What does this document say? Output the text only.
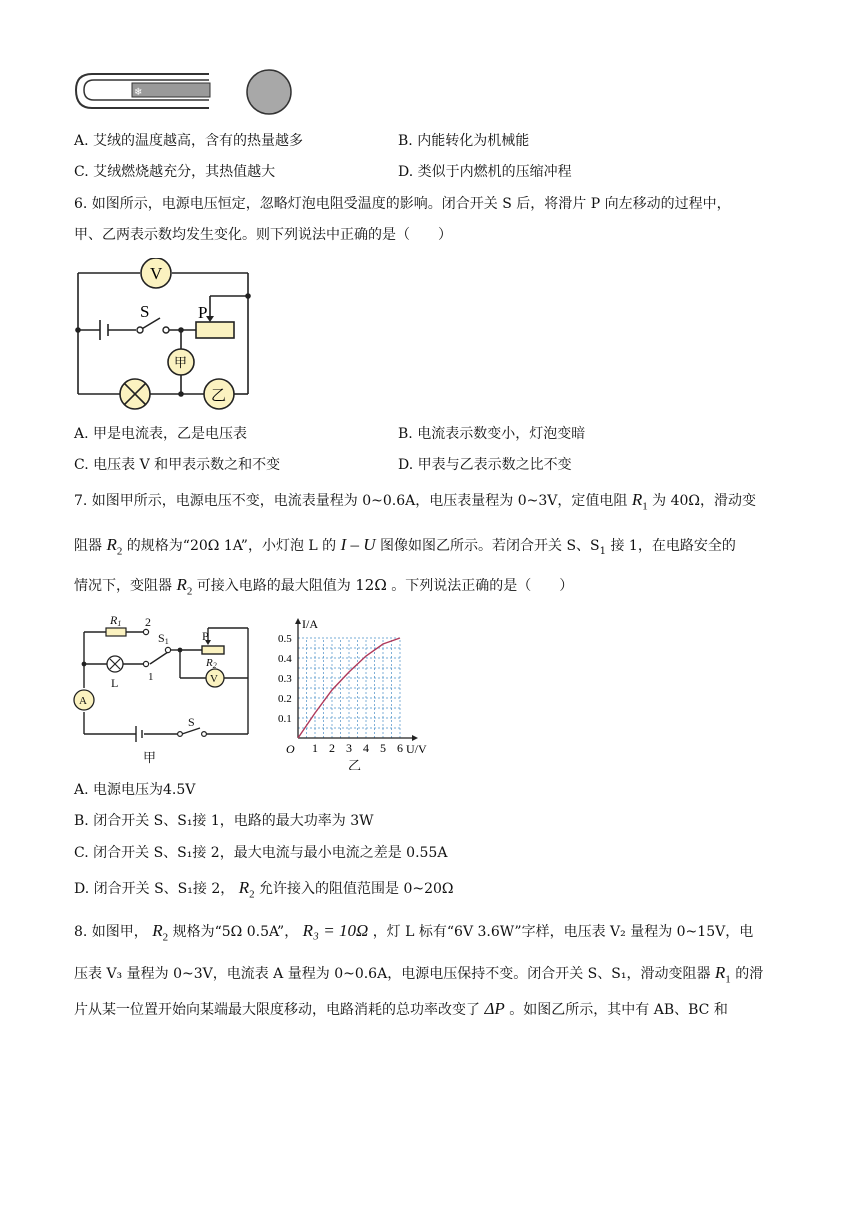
❄
A. 艾绒的温度越高，含有的热量越多	B. 内能转化为机械能
C. 艾绒燃烧越充分，其热值越大	D. 类似于内燃机的压缩冲程
6. 如图所示，电源电压恒定，忽略灯泡电阻受温度的影响。闭合开关 S 后，将滑片 P 向左移动的过程中，
甲、乙两表示数均发生变化。则下列说法中正确的是（　　）
V
S	P
甲
乙
A. 甲是电流表，乙是电压表	B. 电流表示数变小，灯泡变暗
C. 电压表 V 和甲表示数之和不变	D. 甲表与乙表示数之比不变
7. 如图甲所示，电源电压不变，电流表量程为 0~0.6A，电压表量程为 0~3V，定值电阻 $R_1$ 为 40Ω，滑动变
阻器 $R_2$ 的规格为“20Ω 1A”，小灯泡 L 的 I – U 图像如图乙所示。若闭合开关 S、$S_1$ 接 1，在电路安全的
情况下，变阻器 $R_2$ 可接入电路的最大阻值为 12Ω 。下列说法正确的是（　　）
R1 2
S1	P
R2
L	1
A
V
S
甲
1 2 3 4 5 6
0.1
0.2
0.3
0.4
0.5
O
I/A
U/V
乙
A. 电源电压为4.5V
B. 闭合开关 S、S₁接 1，电路的最大功率为 3W
C. 闭合开关 S、S₁接 2，最大电流与最小电流之差是 0.55A
D. 闭合开关 S、S₁接 2， $R_2$ 允许接入的阻值范围是 0~20Ω
8. 如图甲， $R_2$ 规格为“5Ω 0.5A”， R₃ = 10Ω ，灯 L 标有“6V 3.6W”字样，电压表 V₂ 量程为 0~15V，电
压表 V₃ 量程为 0~3V，电流表 A 量程为 0~0.6A，电源电压保持不变。闭合开关 S、S₁，滑动变阻器 $R_1$ 的滑
片从某一位置开始向某端最大限度移动，电路消耗的总功率改变了 ΔP 。如图乙所示，其中有 AB、BC 和
